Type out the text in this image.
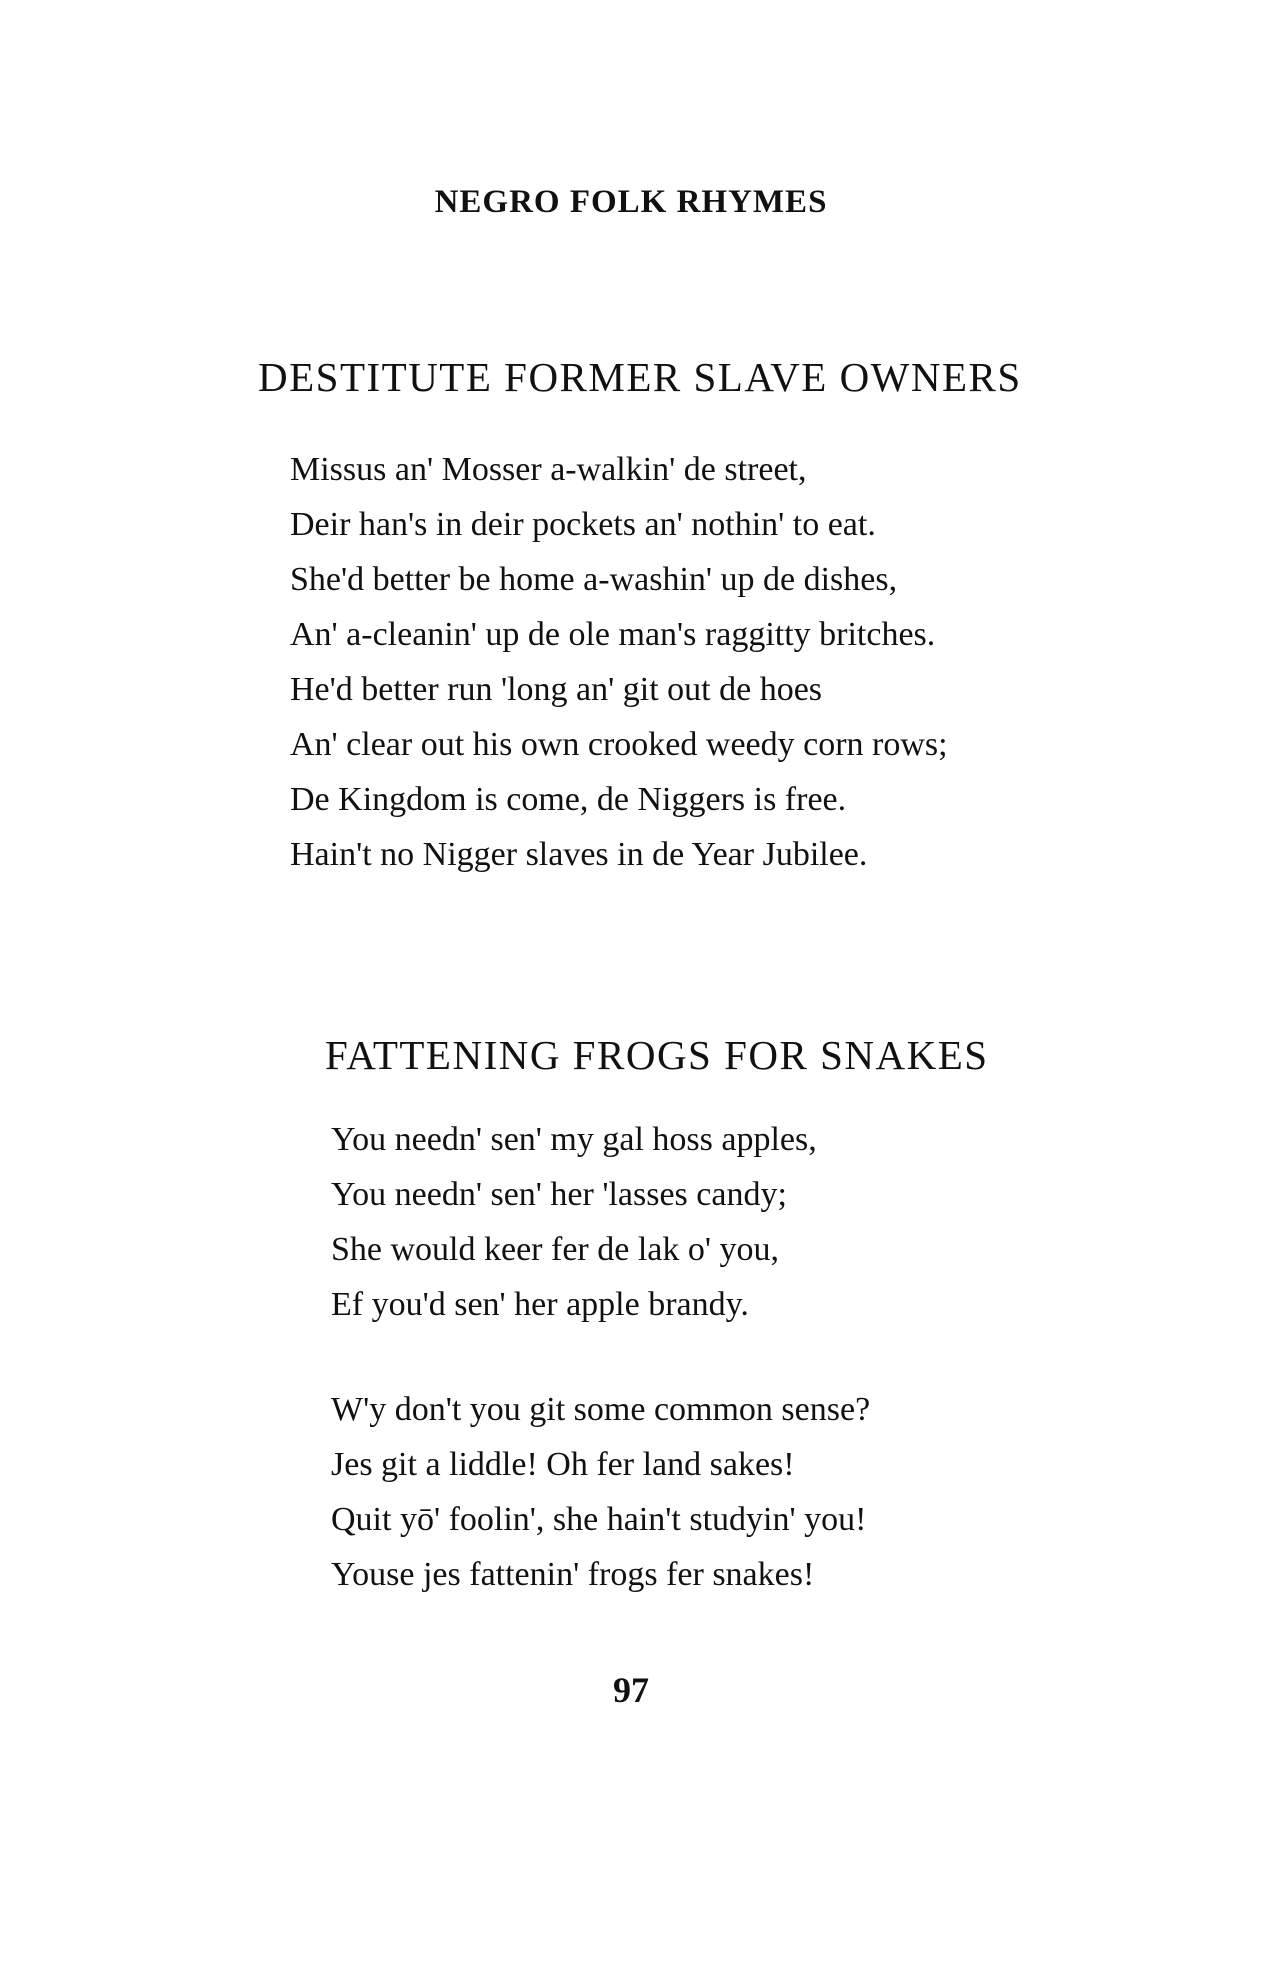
NEGRO FOLK RHYMES
DESTITUTE FORMER SLAVE OWNERS
Missus an' Mosser a-walkin' de street,
Deir han's in deir pockets an' nothin' to eat.
She'd better be home a-washin' up de dishes,
An' a-cleanin' up de ole man's raggitty britches.
He'd better run 'long an' git out de hoes
An' clear out his own crooked weedy corn rows;
De Kingdom is come, de Niggers is free.
Hain't no Nigger slaves in de Year Jubilee.
FATTENING FROGS FOR SNAKES
You needn' sen' my gal hoss apples,
You needn' sen' her 'lasses candy;
She would keer fer de lak o' you,
Ef you'd sen' her apple brandy.
W'y don't you git some common sense?
Jes git a liddle! Oh fer land sakes!
Quit yō' foolin', she hain't studyin' you!
Youse jes fattenin' frogs fer snakes!
97
